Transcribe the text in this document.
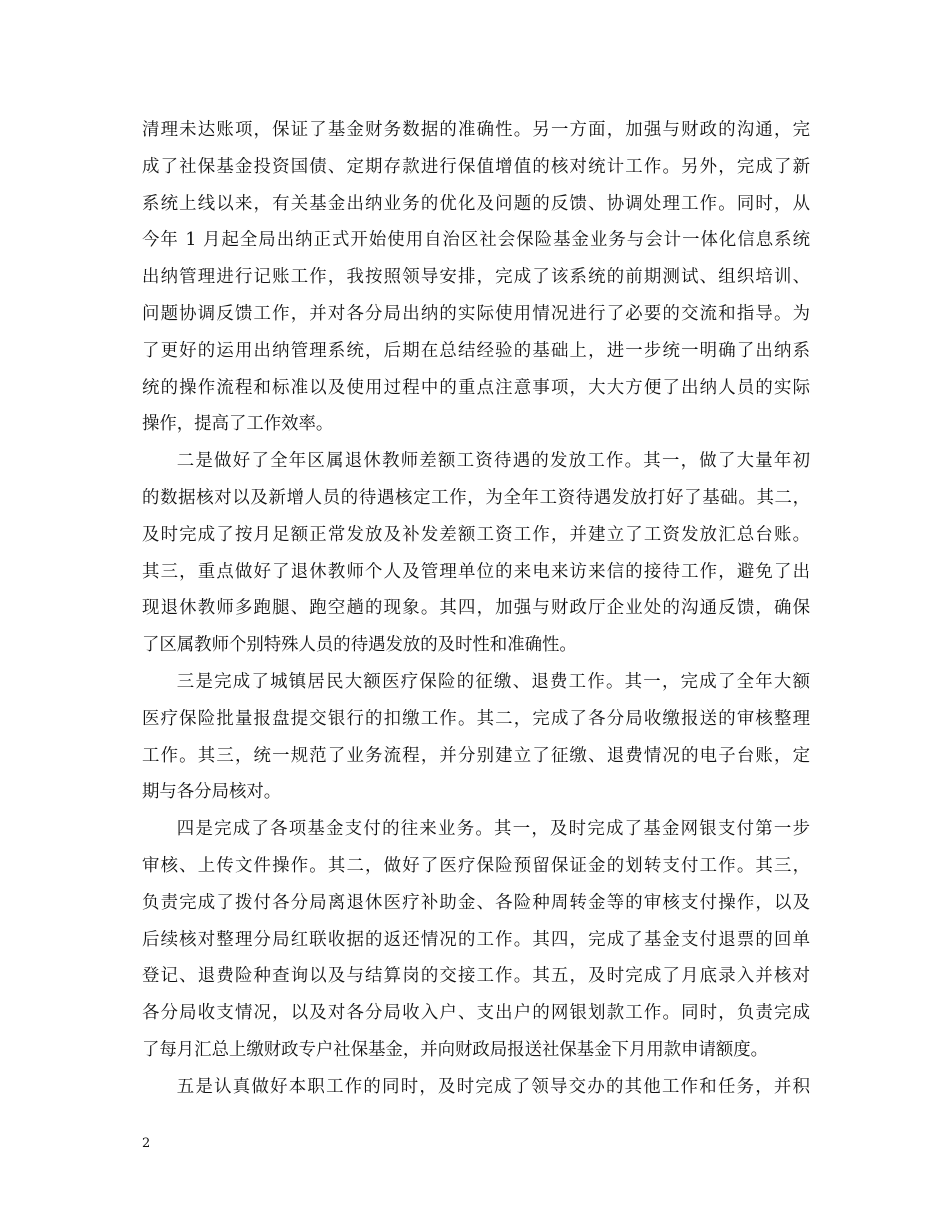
清理未达账项，保证了基金财务数据的准确性。另一方面，加强与财政的沟通，完
成了社保基金投资国债、定期存款进行保值增值的核对统计工作。另外，完成了新
系统上线以来，有关基金出纳业务的优化及问题的反馈、协调处理工作。同时，从
今年 1 月起全局出纳正式开始使用自治区社会保险基金业务与会计一体化信息系统
出纳管理进行记账工作，我按照领导安排，完成了该系统的前期测试、组织培训、
问题协调反馈工作，并对各分局出纳的实际使用情况进行了必要的交流和指导。为
了更好的运用出纳管理系统，后期在总结经验的基础上，进一步统一明确了出纳系
统的操作流程和标准以及使用过程中的重点注意事项，大大方便了出纳人员的实际
操作，提高了工作效率。

二是做好了全年区属退休教师差额工资待遇的发放工作。其一，做了大量年初
的数据核对以及新增人员的待遇核定工作，为全年工资待遇发放打好了基础。其二，
及时完成了按月足额正常发放及补发差额工资工作，并建立了工资发放汇总台账。
其三，重点做好了退休教师个人及管理单位的来电来访来信的接待工作，避免了出
现退休教师多跑腿、跑空趟的现象。其四，加强与财政厅企业处的沟通反馈，确保
了区属教师个别特殊人员的待遇发放的及时性和准确性。

三是完成了城镇居民大额医疗保险的征缴、退费工作。其一，完成了全年大额
医疗保险批量报盘提交银行的扣缴工作。其二，完成了各分局收缴报送的审核整理
工作。其三，统一规范了业务流程，并分别建立了征缴、退费情况的电子台账，定
期与各分局核对。

四是完成了各项基金支付的往来业务。其一，及时完成了基金网银支付第一步
审核、上传文件操作。其二，做好了医疗保险预留保证金的划转支付工作。其三，
负责完成了拨付各分局离退休医疗补助金、各险种周转金等的审核支付操作，以及
后续核对整理分局红联收据的返还情况的工作。其四，完成了基金支付退票的回单
登记、退费险种查询以及与结算岗的交接工作。其五，及时完成了月底录入并核对
各分局收支情况，以及对各分局收入户、支出户的网银划款工作。同时，负责完成
了每月汇总上缴财政专户社保基金，并向财政局报送社保基金下月用款申请额度。

五是认真做好本职工作的同时，及时完成了领导交办的其他工作和任务，并积

2
